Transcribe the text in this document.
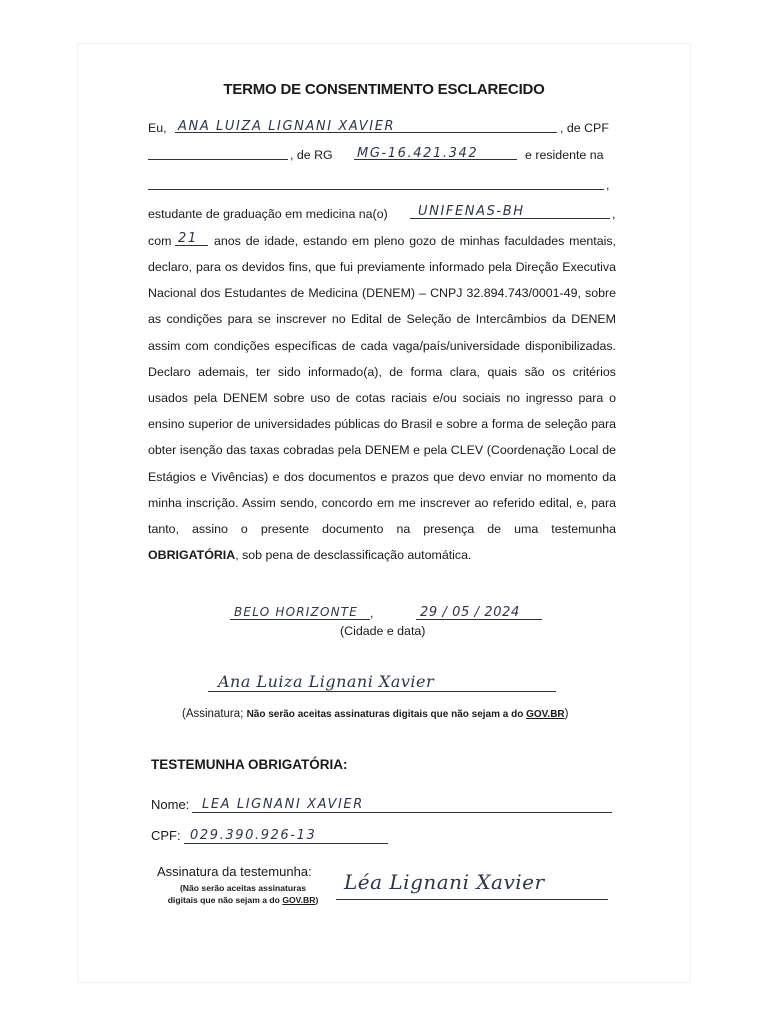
TERMO DE CONSENTIMENTO ESCLARECIDO
Eu, ANA LUIZA LIGNANI XAVIER	, de CPF
, de RG MG-16.421.342	e residente na
,
estudante de graduação em medicina na(o) UNIFENAS-BH	,
com 21 anos de idade, estando em pleno gozo de minhas faculdades mentais,
declaro, para os devidos fins, que fui previamente informado pela Direção Executiva
Nacional dos Estudantes de Medicina (DENEM) – CNPJ 32.894.743/0001-49, sobre
as condições para se inscrever no Edital de Seleção de Intercâmbios da DENEM
assim com condições específicas de cada vaga/país/universidade disponibilizadas.
Declaro ademais, ter sido informado(a), de forma clara, quais são os critérios
usados pela DENEM sobre uso de cotas raciais e/ou sociais no ingresso para o
ensino superior de universidades públicas do Brasil e sobre a forma de seleção para
obter isenção das taxas cobradas pela DENEM e pela CLEV (Coordenação Local de
Estágios e Vivências) e dos documentos e prazos que devo enviar no momento da
minha inscrição. Assim sendo, concordo em me inscrever ao referido edital, e, para
tanto, assino o presente documento na presença de uma testemunha
OBRIGATÓRIA, sob pena de desclassificação automática.
BELO HORIZONTE ,	29 / 05 / 2024
(Cidade e data)
Ana Luiza Lignani Xavier
(Assinatura; Não serão aceitas assinaturas digitais que não sejam a do GOV.BR)
TESTEMUNHA OBRIGATÓRIA:
Nome: LEA LIGNANI XAVIER
CPF: 029.390.926-13
Assinatura da testemunha:
(Não serão aceitas assinaturas
digitais que não sejam a do GOV.BR)
Léa Lignani Xavier
